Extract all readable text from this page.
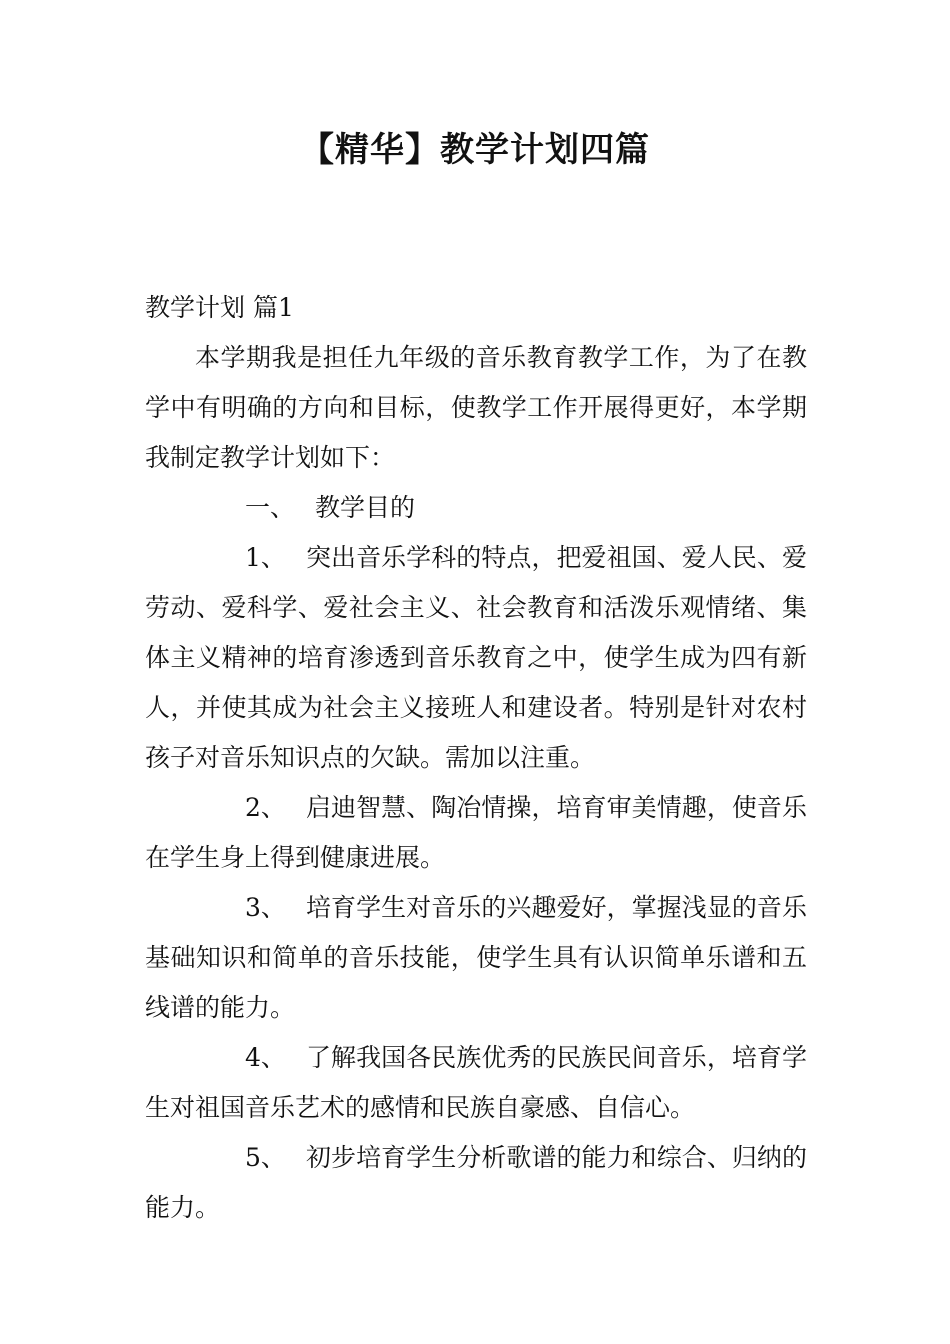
【精华】教学计划四篇

教学计划 篇1

本学期我是担任九年级的音乐教育教学工作，为了在教学中有明确的方向和目标，使教学工作开展得更好，本学期我制定教学计划如下：

一、 教学目的

1、 突出音乐学科的特点，把爱祖国、爱人民、爱劳动、爱科学、爱社会主义、社会教育和活泼乐观情绪、集体主义精神的培育渗透到音乐教育之中，使学生成为四有新人，并使其成为社会主义接班人和建设者。特别是针对农村孩子对音乐知识点的欠缺。需加以注重。

2、 启迪智慧、陶冶情操，培育审美情趣，使音乐在学生身上得到健康进展。

3、 培育学生对音乐的兴趣爱好，掌握浅显的音乐基础知识和简单的音乐技能，使学生具有认识简单乐谱和五线谱的能力。

4、 了解我国各民族优秀的民族民间音乐，培育学生对祖国音乐艺术的感情和民族自豪感、自信心。

5、 初步培育学生分析歌谱的能力和综合、归纳的能力。
